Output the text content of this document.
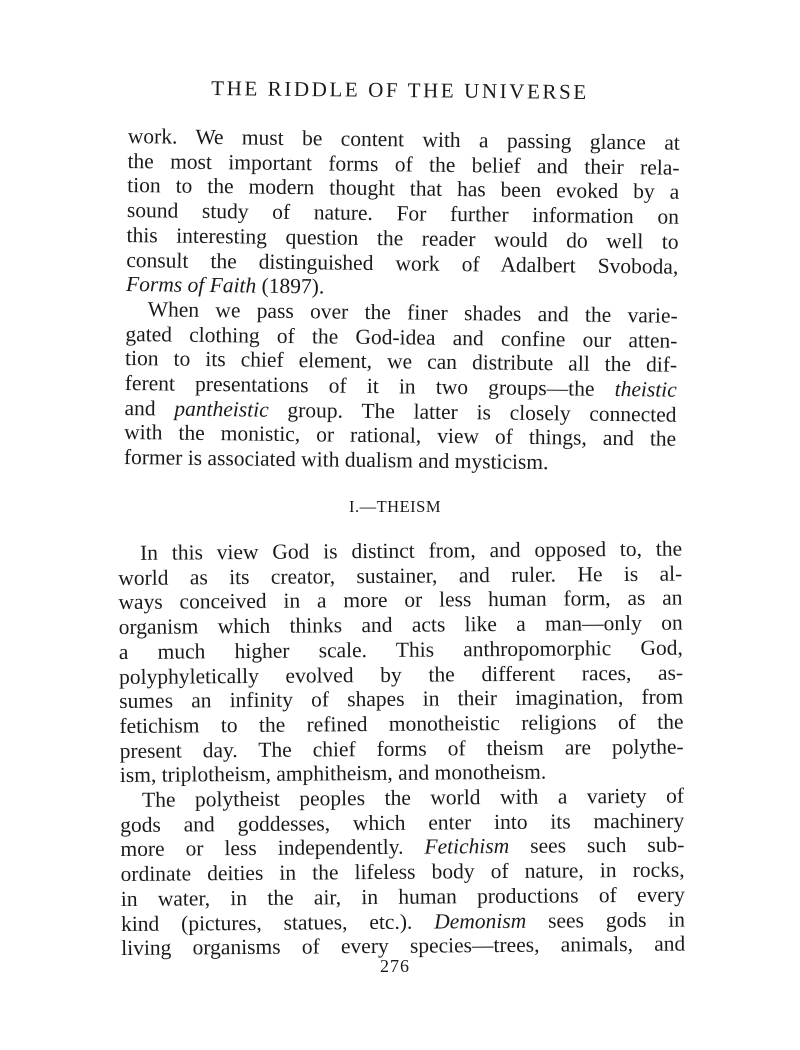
THE RIDDLE OF THE UNIVERSE
work. We must be content with a passing glance at
the most important forms of the belief and their rela-
tion to the modern thought that has been evoked by a
sound study of nature. For further information on
this interesting question the reader would do well to
consult the distinguished work of Adalbert Svoboda,
Forms of Faith (1897).
When we pass over the finer shades and the varie-
gated clothing of the God-idea and confine our atten-
tion to its chief element, we can distribute all the dif-
ferent presentations of it in two groups—the theistic
and pantheistic group. The latter is closely connected
with the monistic, or rational, view of things, and the
former is associated with dualism and mysticism.
I.—THEISM
In this view God is distinct from, and opposed to, the
world as its creator, sustainer, and ruler. He is al-
ways conceived in a more or less human form, as an
organism which thinks and acts like a man—only on
a much higher scale. This anthropomorphic God,
polyphyletically evolved by the different races, as-
sumes an infinity of shapes in their imagination, from
fetichism to the refined monotheistic religions of the
present day. The chief forms of theism are polythe-
ism, triplotheism, amphitheism, and monotheism.
The polytheist peoples the world with a variety of
gods and goddesses, which enter into its machinery
more or less independently. Fetichism sees such sub-
ordinate deities in the lifeless body of nature, in rocks,
in water, in the air, in human productions of every
kind (pictures, statues, etc.). Demonism sees gods in
living organisms of every species—trees, animals, and
276
